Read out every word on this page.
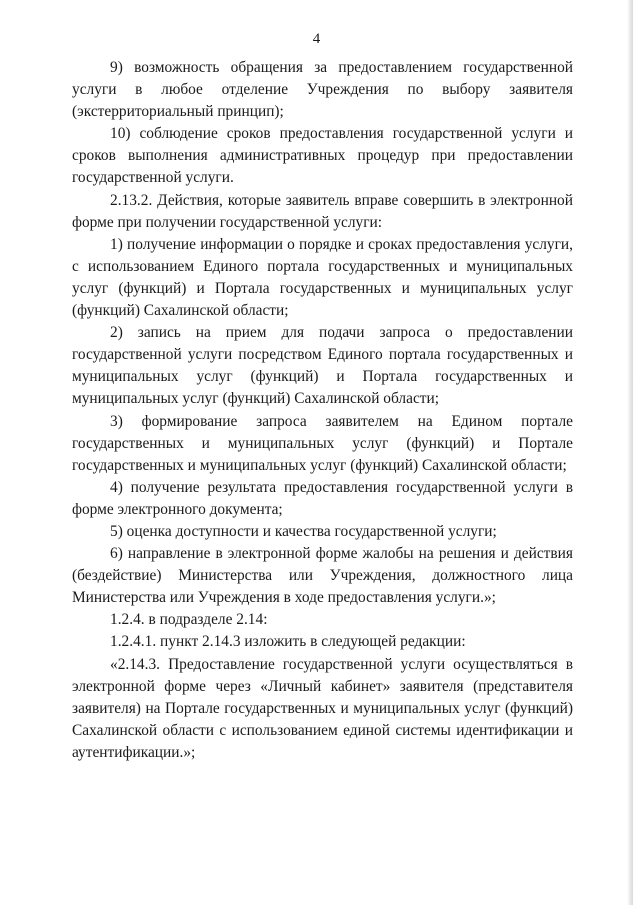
4

9) возможность обращения за предоставлением государственной услуги в любое отделение Учреждения по выбору заявителя (экстерриториальный принцип);

10) соблюдение сроков предоставления государственной услуги и сроков выполнения административных процедур при предоставлении государственной услуги.

2.13.2. Действия, которые заявитель вправе совершить в электронной форме при получении государственной услуги:

1) получение информации о порядке и сроках предоставления услуги, с использованием Единого портала государственных и муниципальных услуг (функций) и Портала государственных и муниципальных услуг (функций) Сахалинской области;

2) запись на прием для подачи запроса о предоставлении государственной услуги посредством Единого портала государственных и муниципальных услуг (функций) и Портала государственных и муниципальных услуг (функций) Сахалинской области;

3) формирование запроса заявителем на Едином портале государственных и муниципальных услуг (функций) и Портале государственных и муниципальных услуг (функций) Сахалинской области;

4) получение результата предоставления государственной услуги в форме электронного документа;

5) оценка доступности и качества государственной услуги;

6) направление в электронной форме жалобы на решения и действия (бездействие) Министерства или Учреждения, должностного лица Министерства или Учреждения в ходе предоставления услуги.»;

1.2.4. в подразделе 2.14:

1.2.4.1. пункт 2.14.3 изложить в следующей редакции:

«2.14.3. Предоставление государственной услуги осуществляться в электронной форме через «Личный кабинет» заявителя (представителя заявителя) на Портале государственных и муниципальных услуг (функций) Сахалинской области с использованием единой системы идентификации и аутентификации.»;
